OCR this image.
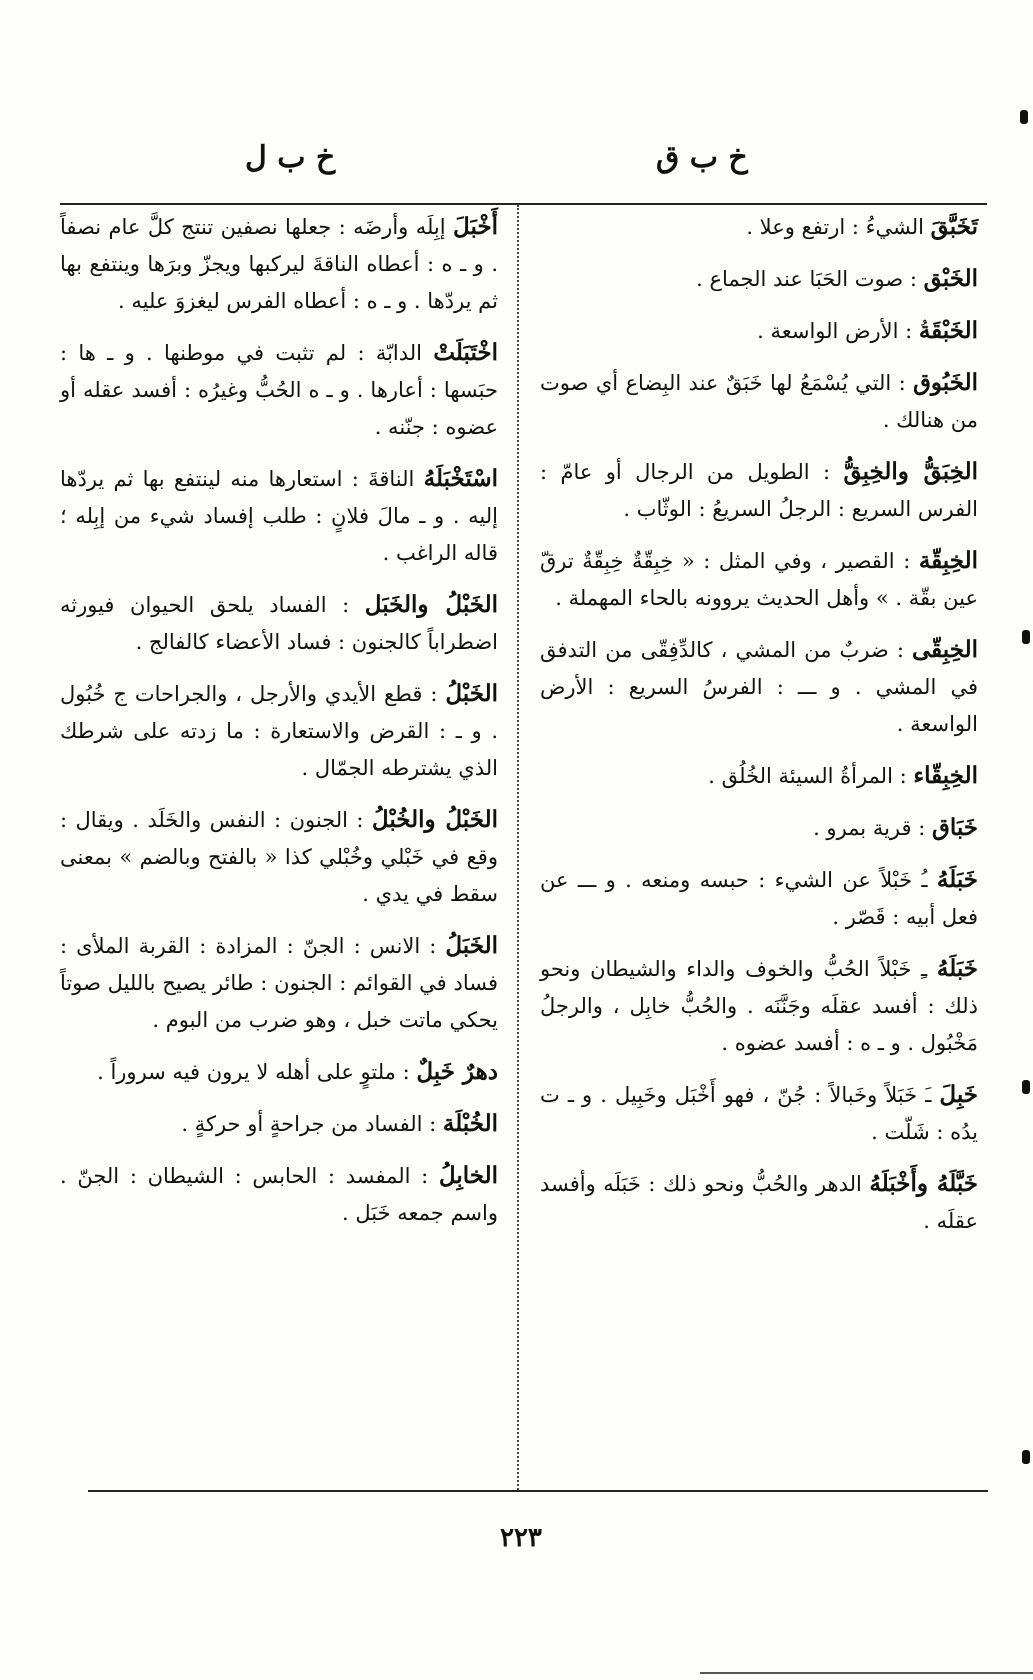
خ ب ق
خ ب ل

تَخَبَّقَ الشيءُ : ارتفع وعلا .

الخَبْق : صوت الحَبَا عند الجماع .

الخَبْقَةُ : الأرض الواسعة .

الخَبُوق : التي يُسْمَعُ لها خَبَقٌ عند البِضاع أي صوت من هنالك .

الخِبَقُّ والخِبِقُّ : الطويل من الرجال أو عامّ : الفرس السريع : الرجلُ السريعُ : الوثّاب .

الخِبِقّة : القصير ، وفي المثل : « خِبِقّةٌ خِبِقّةٌ ترقّ عين بقّة . » وأهل الحديث يروونه بالحاء المهملة .

الخِبِقّى : ضربٌ من المشي ، كالدِّفِقّى من التدفق في المشي . و ـــ : الفرسُ السريع : الأرض الواسعة .

الخِبِقّاء : المرأةُ السيئة الخُلُق .

خَبَاق : قرية بمرو .

خَبَلَهُ ـُ خَبْلاً عن الشيء : حبسه ومنعه . و ـــ عن فعل أبيه : قَصّر .

خَبَلَهُ ـِ خَبْلاً الحُبُّ والخوف والداء والشيطان ونحو ذلك : أفسد عقلَه وجَنَّنَه . والحُبُّ خابِل ، والرجلُ مَخْبُول . و ـ ه : أفسد عضوه .

خَبِلَ ـَ خَبَلاً وخَبالاً : جُنّ ، فهو أَخْبَل وخَبِيل . و ـ ت يدُه : شَلّت .

خَبَّلَهُ وأَخْبَلَهُ الدهر والحُبُّ ونحو ذلك : خَبَلَه وأفسد عقلَه .

أَخْبَلَ إبِلَه وأرضَه : جعلها نصفين تنتج كلَّ عام نصفاً . و ـ ه : أعطاه الناقةَ ليركبها ويجزّ وبرَها وينتفع بها ثم يردّها . و ـ ه : أعطاه الفرس ليغزوَ عليه .

اخْتَبَلَتْ الدابّة : لم تثبت في موطنها . و ـ ها : حبَسها : أعارها . و ـ ه الحُبُّ وغيرُه : أفسد عقله أو عضوه : جنّنه .

اسْتَخْبَلَهُ الناقةَ : استعارها منه لينتفع بها ثم يردّها إليه . و ـ مالَ فلانٍ : طلب إفساد شيء من إبِله ؛ قاله الراغب .

الخَبْلُ والخَبَل : الفساد يلحق الحيوان فيورثه اضطراباً كالجنون : فساد الأعضاء كالفالج .

الخَبْلُ : قطع الأيدي والأرجل ، والجراحات ج خُبُول . و ـ : القرض والاستعارة : ما زدته على شرطك الذي يشترطه الجمّال .

الخَبْلُ والخُبْلُ : الجنون : النفس والخَلَد . ويقال : وقع في خَبْلي وخُبْلي كذا « بالفتح وبالضم » بمعنى سقط في يدي .

الخَبَلُ : الانس : الجنّ : المزادة : القربة الملأى : فساد في القوائم : الجنون : طائر يصيح بالليل صوتاً يحكي ماتت خبل ، وهو ضرب من البوم .

دهرٌ خَبِلٌ : ملتوٍ على أهله لا يرون فيه سروراً .

الخُبْلَة : الفساد من جراحةٍ أو حركةٍ .

الخابِلُ : المفسد : الحابس : الشيطان : الجنّ . واسم جمعه خَبَل .

٢٢٣
